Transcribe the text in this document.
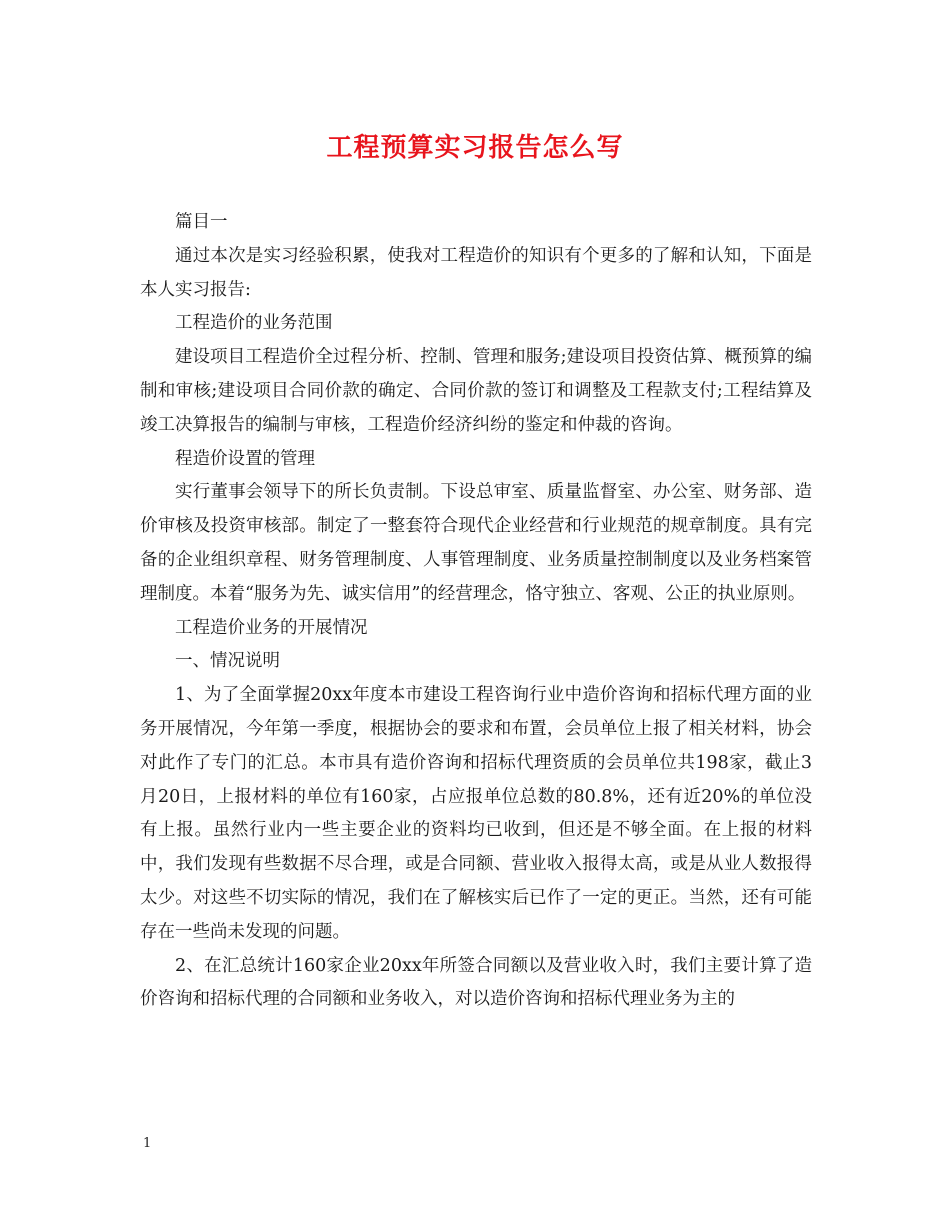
工程预算实习报告怎么写

篇目一

通过本次是实习经验积累，使我对工程造价的知识有个更多的了解和认知，下面是本人实习报告:

工程造价的业务范围

建设项目工程造价全过程分析、控制、管理和服务;建设项目投资估算、概预算的编制和审核;建设项目合同价款的确定、合同价款的签订和调整及工程款支付;工程结算及竣工决算报告的编制与审核，工程造价经济纠纷的鉴定和仲裁的咨询。

程造价设置的管理

实行董事会领导下的所长负责制。下设总审室、质量监督室、办公室、财务部、造价审核及投资审核部。制定了一整套符合现代企业经营和行业规范的规章制度。具有完备的企业组织章程、财务管理制度、人事管理制度、业务质量控制制度以及业务档案管理制度。本着“服务为先、诚实信用”的经营理念，恪守独立、客观、公正的执业原则。

工程造价业务的开展情况

一、情况说明

1、为了全面掌握20xx年度本市建设工程咨询行业中造价咨询和招标代理方面的业务开展情况，今年第一季度，根据协会的要求和布置，会员单位上报了相关材料，协会对此作了专门的汇总。本市具有造价咨询和招标代理资质的会员单位共198家，截止3月20日，上报材料的单位有160家，占应报单位总数的80.8%，还有近20%的单位没有上报。虽然行业内一些主要企业的资料均已收到，但还是不够全面。在上报的材料中，我们发现有些数据不尽合理，或是合同额、营业收入报得太高，或是从业人数报得太少。对这些不切实际的情况，我们在了解核实后已作了一定的更正。当然，还有可能存在一些尚未发现的问题。

2、在汇总统计160家企业20xx年所签合同额以及营业收入时，我们主要计算了造价咨询和招标代理的合同额和业务收入，对以造价咨询和招标代理业务为主的

1
